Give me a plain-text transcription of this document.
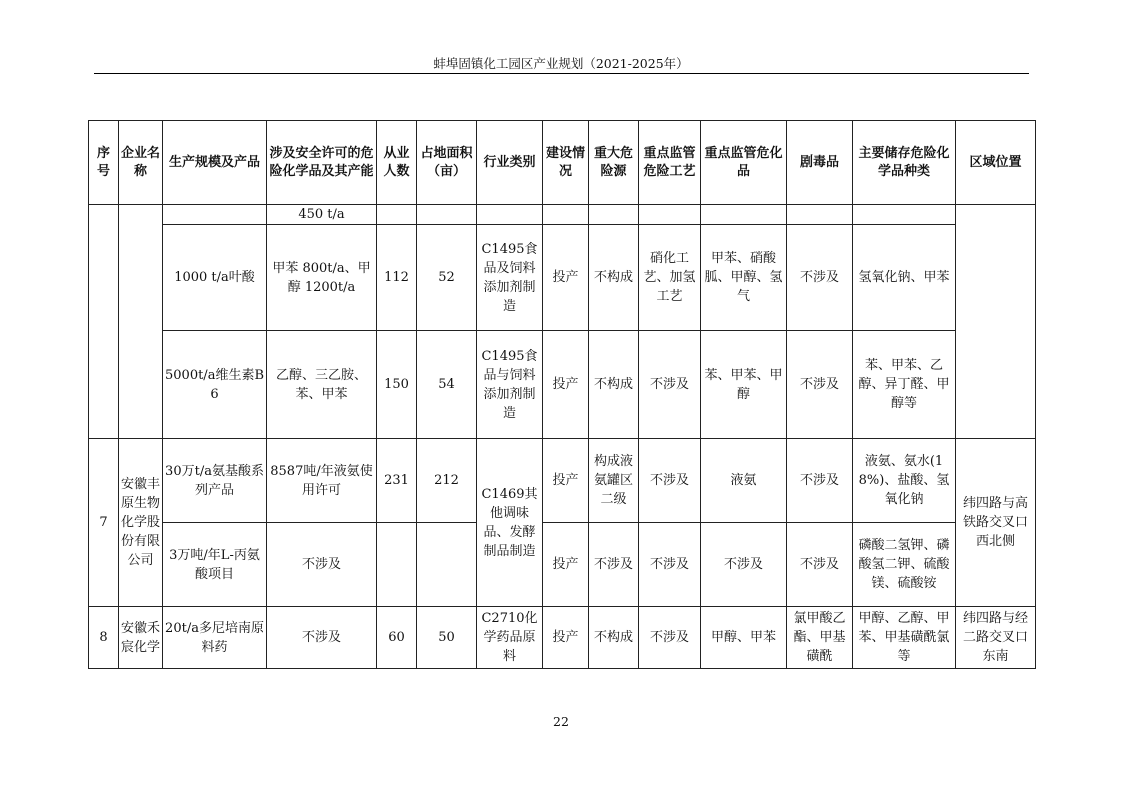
蚌埠固镇化工园区产业规划（2021-2025年）
序号	企业名称	生产规模及产品	涉及安全许可的危险化学品及其产能	从业人数	占地面积（亩）	行业类别	建设情况	重大危险源	重点监管危险工艺	重点监管危化品	剧毒品	主要储存危险化学品种类	区域位置
			450 t/a										
		1000 t/a叶酸	甲苯 800t/a、甲醇 1200t/a	112	52	C1495食品及饲料添加剂制造	投产	不构成	硝化工艺、加氢工艺	甲苯、硝酸胍、甲醇、氢气	不涉及	氢氧化钠、甲苯	
		5000t/a维生素B6	乙醇、三乙胺、苯、甲苯	150	54	C1495食品与饲料添加剂制造	投产	不构成	不涉及	苯、甲苯、甲醇	不涉及	苯、甲苯、乙醇、异丁醛、甲醇等	
7	安徽丰原生物化学股份有限公司	30万t/a氨基酸系列产品	8587吨/年液氨使用许可	231	212	C1469其他调味品、发酵制品制造	投产	构成液氨罐区二级	不涉及	液氨	不涉及	液氨、氨水(18%)、盐酸、氢氧化钠	纬四路与高铁路交叉口西北侧
		3万吨/年L-丙氨酸项目	不涉及				投产	不涉及	不涉及	不涉及	不涉及	磷酸二氢钾、磷酸氢二钾、硫酸镁、硫酸铵	
8	安徽禾宸化学	20t/a多尼培南原料药	不涉及	60	50	C2710化学药品原料	投产	不构成	不涉及	甲醇、甲苯	氯甲酸乙酯、甲基磺酰	甲醇、乙醇、甲苯、甲基磺酰氯等	纬四路与经二路交叉口东南
22
